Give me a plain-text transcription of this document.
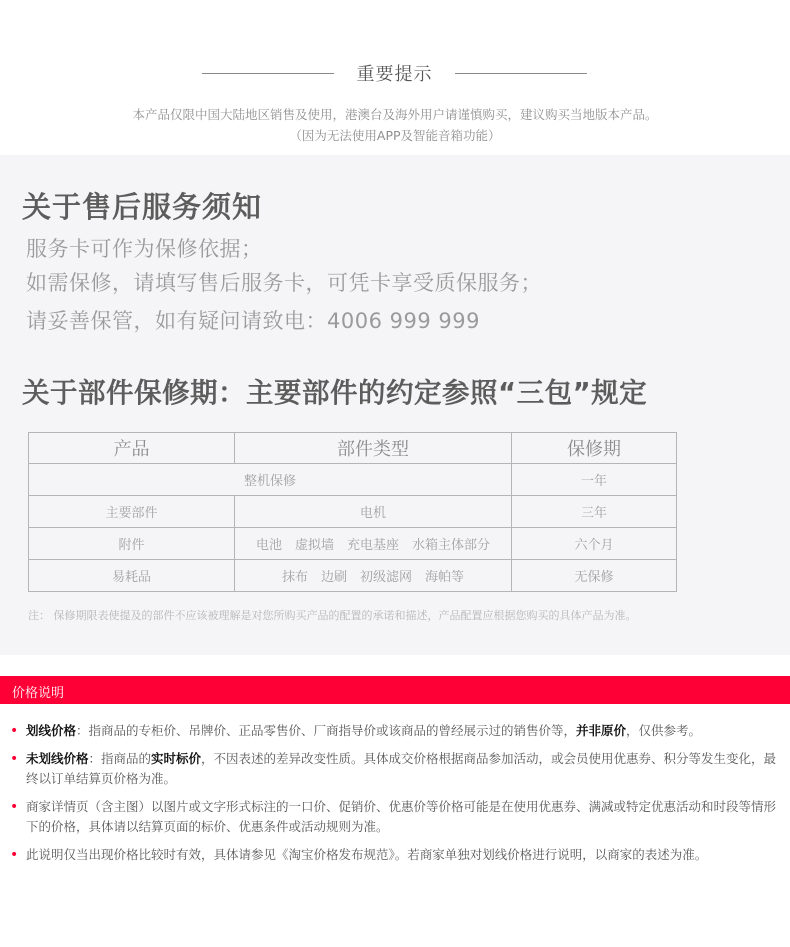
重要提示
本产品仅限中国大陆地区销售及使用，港澳台及海外用户请谨慎购买，建议购买当地版本产品。
（因为无法使用APP及智能音箱功能）
关于售后服务须知
服务卡可作为保修依据；
如需保修，请填写售后服务卡，可凭卡享受质保服务；
请妥善保管，如有疑问请致电：4006 999 999
关于部件保修期：主要部件的约定参照“三包”规定
产品	部件类型	保修期
整机保修		一年
主要部件	电机	三年
附件	电池　虚拟墙　充电基座　水箱主体部分	六个月
易耗品	抹布　边刷　初级滤网　海帕等	无保修
注： 保修期限表使提及的部件不应该被理解是对您所购买产品的配置的承诺和描述，产品配置应根据您购买的具体产品为准。
价格说明
• 划线价格：指商品的专柜价、吊牌价、正品零售价、厂商指导价或该商品的曾经展示过的销售价等，并非原价，仅供参考。
• 未划线价格：指商品的实时标价，不因表述的差异改变性质。具体成交价格根据商品参加活动，或会员使用优惠券、积分等发生变化，最终以订单结算页价格为准。
• 商家详情页（含主图）以图片或文字形式标注的一口价、促销价、优惠价等价格可能是在使用优惠券、满减或特定优惠活动和时段等情形下的价格，具体请以结算页面的标价、优惠条件或活动规则为准。
• 此说明仅当出现价格比较时有效，具体请参见《淘宝价格发布规范》。若商家单独对划线价格进行说明，以商家的表述为准。
